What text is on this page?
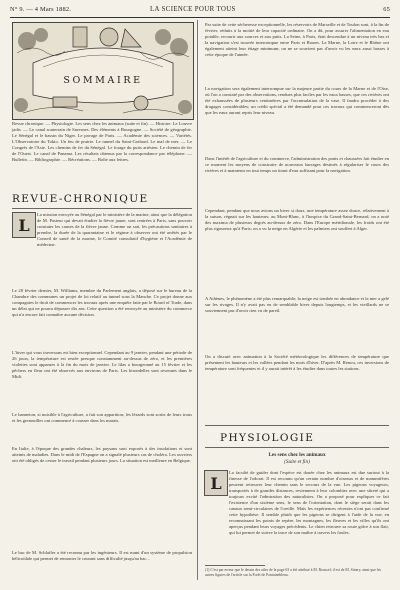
N° 9. — 4 Mars 1882.	LA SCIENCE POUR TOUS	65
SOMMAIRE
Revue chronique. — Physiologie. Les sens chez les animaux (suite et fin). — Histoire. Le Louvre jadis. — Le canal souterrain de Suresnes. Des éléments à Bourgogne. — Société de géographie. Le Sénégal et le bassin du Niger. Le pavage de Paris. — Académie des sciences. — Variétés. L'Observatoire du Tokio. Un feu de prairie. Le tunnel du Saint-Gothard. Le mal de mer. — Le Congrès de l'Asie. Les chemins de fer du Sénégal. Le forage du puits artésien. Le chemin de fer de l'Ouest. Le canal de Panama. Les résultats obtenus par la correspondance par téléphone. — Bulletin. — Bibliographie. — Récréations. — Boîte aux lettres.
REVUE-CHRONIQUE
L
La mission envoyée au Sénégal par le ministère de la marine, ainsi que la délégation de M. Pasteur qui devait étudier la fièvre jaune, sont rentrées à Paris, sans pouvoir constater les causes de la fièvre jaune. Comme on sait, les précautions sanitaires à prendre, la durée de la quarantaine et le régime à observer ont été arrêtés par le Conseil de santé de la marine, le Comité consultatif d'hygiène et l'Académie de médecine.
Le 28 février dernier, M. Williams, membre du Parlement anglais, a déposé sur le bureau de la Chambre des communes un projet de loi relatif au tunnel sous la Manche. Ce projet donne aux compagnies le droit de commencer les travaux après une enquête faite par le Board of Trade, dans un délai qui ne pourra dépasser dix ans. Cette question a été renvoyée au ministère du commerce qui n'a encore fait connaître aucune décision.
L'hiver qui vous traversons est bien exceptionnel. Cependant au 9 janvier, pendant une période de 26 jours, la température est restée presque constamment au-dessus de zéro, et les premières violettes sont apparues à la fin du mois de janvier. Le lilas a bourgeonné au 15 février et les pêchers en fleur ont été observés aux environs de Paris. Les hirondelles sont revenues dans le Midi.
Le hanneton, si nuisible à l'agriculture, a fait son apparition; les lézards sont sortis de leurs trous et les grenouilles ont commencé à coasser dans les marais.
En Italie, à l'époque des grandes chaleurs, les paysans sont exposés à des insolations et sont atteints de maladies. Dans le midi de l'Espagne on a signalé plusieurs cas de choléra. Les ouvriers ont été obligés de cesser le travail pendant plusieurs jours. La situation est meilleure en Belgique.
Le bac de M. Schlaffer a été reconnu par les ingénieurs. Il est muni d'un système de propulsion hélicoïdale qui permet de remonter le courant sans difficulté jusqu'au bac...
Par suite de cette sécheresse exceptionnelle, les réservoirs de Marseille et de Toulon sont, à la fin de février, réduits à la moitié de leur capacité ordinaire. On a dû, pour assurer l'alimentation en eau potable, recourir aux sources et aux puits. La Seine, à Paris, était descendue à un niveau très bas et la navigation s'est trouvée interrompue entre Paris et Rouen. La Marne, la Loire et le Rhône ont également atteint leur étiage minimum; on ne se souvient pas d'avoir vu les eaux aussi basses à cette époque de l'année.
La navigation sera également interrompue sur la majeure partie du cours de la Marne et de l'Oise, où l'on a constaté par des observations, rendues plus faciles par les eaux basses, que ces rivières ont été exhaussées de plusieurs centimètres par l'accumulation de la vase. Il faudra procéder à des dragages considérables; un crédit spécial a été demandé pour ces travaux qui commenceront dès que les eaux auront repris leur niveau.
Dans l'intérêt de l'agriculture et du commerce, l'administration des ponts et chaussées fait étudier en ce moment les moyens de construire de nouveaux barrages destinés à régulariser le cours des rivières et à maintenir en tout temps un tirant d'eau suffisant pour la navigation.
Cependant, pendant que nous avions un hiver si doux, une température assez douce, relativement à la saison, régnait sur les hauteurs; au Mont-Blanc, à l'hospice du Grand-Saint-Bernard, on a noté des maxima de plusieurs degrés au-dessus de zéro. Dans l'Europe méridionale, les froids ont été plus rigoureux qu'à Paris; on a vu la neige en Algérie et les palmiers ont souffert à Alger.
A Athènes, le phénomène a été plus remarquable; la neige est tombée en abondance et la mer a gelé sur les rivages. Il n'y avait pas eu de semblable hiver depuis longtemps, et les vieillards ne se souviennent pas d'avoir rien vu de pareil.
On a discuté avec animation à la Société météorologique les différences de température que présentent les hauteurs et les vallées pendant les mois d'hiver. D'après M. Renou, ces inversions de température sont fréquentes et il y aurait intérêt à les étudier dans toutes les stations.
PHYSIOLOGIE
Les sens chez les animaux
(Suite et fin)
L
La faculté de guider dont l'espèce est douée chez les animaux est due surtout à la finesse de l'odorat. Il est reconnu qu'un certain nombre d'oiseaux et de mammifères peuvent retrouver leur chemin sans le secours de la vue. Les pigeons voyageurs, transportés à de grandes distances, reviennent à leur colombier avec une sûreté qui a toujours excité l'admiration des naturalistes. On a proposé pour expliquer ce fait l'existence d'un sixième sens, le sens de l'orientation, dont le siège serait dans les canaux semi-circulaires de l'oreille. Mais les expériences récentes n'ont pas confirmé cette hypothèse. Il semble plutôt que les pigeons se dirigent à l'aide de la vue, en reconnaissant les points de repère, les montagnes, les fleuves et les villes qu'ils ont aperçus pendant leurs voyages précédents. Le chien retrouve sa route grâce à son flair, qui lui permet de suivre la trace de son maître à travers les foules.
(1) C'est par erreur que le dessin des ailes de la page 63 a été attribué à M. Roussel; il est de M. Sinery, ainsi que les autres figures de l'article sur la Forêt de Fontainebleau.
